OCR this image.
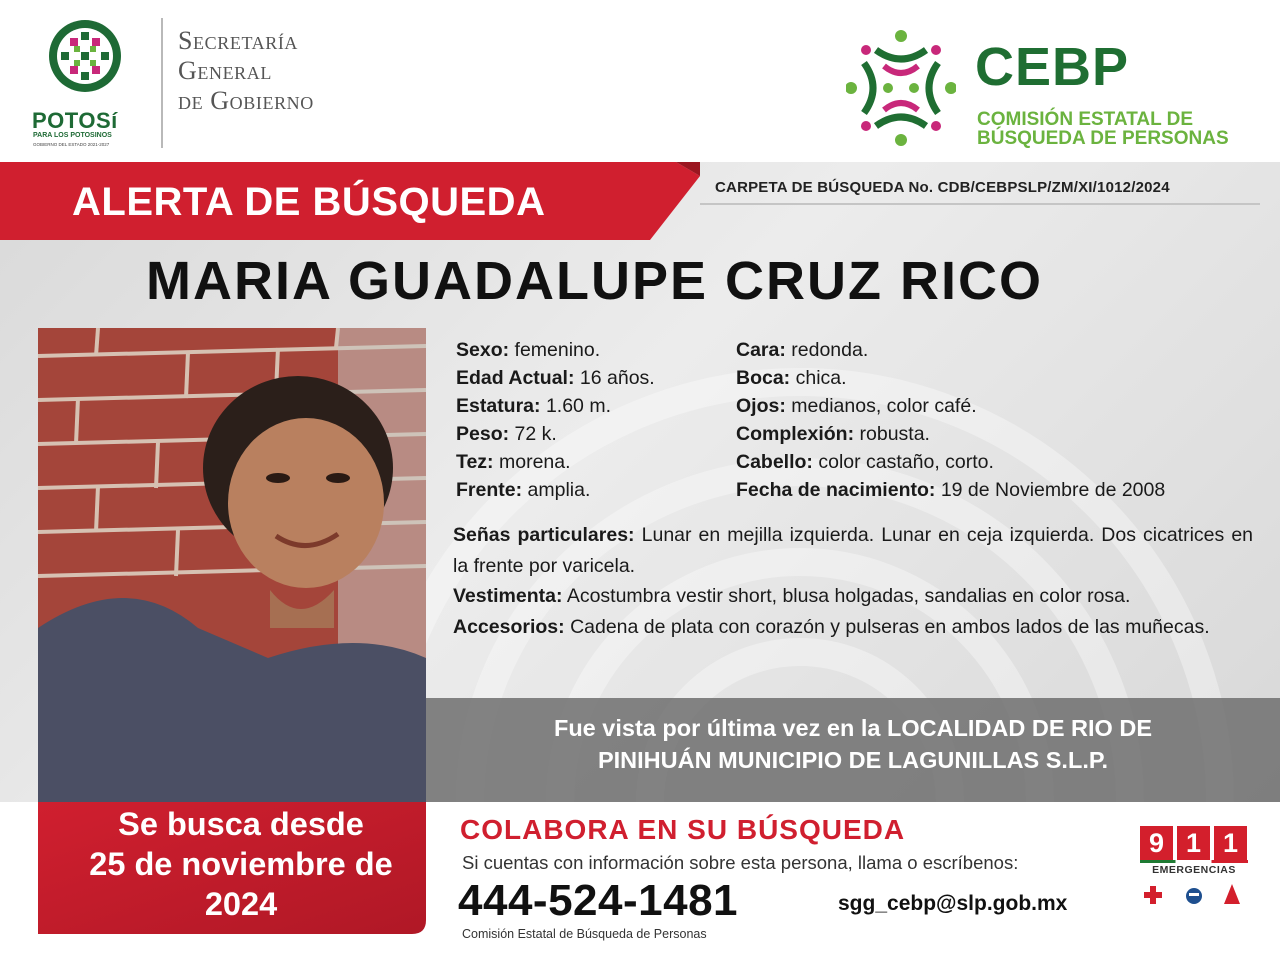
POTOSí
PARA LOS POTOSINOS
GOBIERNO DEL ESTADO 2021-2027
Secretaría
General
de Gobierno
CEBP
COMISIÓN ESTATAL DE
BÚSQUEDA DE PERSONAS
ALERTA DE BÚSQUEDA	CARPETA DE BÚSQUEDA No. CDB/CEBPSLP/ZM/XI/1012/2024
MARIA GUADALUPE CRUZ RICO
Sexo: femenino.
Edad Actual: 16 años.
Estatura: 1.60 m.
Peso: 72 k.
Tez: morena.
Frente: amplia.
Cara: redonda.
Boca: chica.
Ojos: medianos, color café.
Complexión: robusta.
Cabello: color castaño, corto.
Fecha de nacimiento: 19 de Noviembre de 2008

Señas particulares: Lunar en mejilla izquierda. Lunar en ceja izquierda. Dos cicatrices en la frente por varicela.

Vestimenta: Acostumbra vestir short, blusa holgadas, sandalias en color rosa.

Accesorios: Cadena de plata con corazón y pulseras en ambos lados de las muñecas.

Fue vista por última vez en la LOCALIDAD DE RIO DE
PINIHUÁN MUNICIPIO DE LAGUNILLAS S.L.P.
Se busca desde
25 de noviembre de
2024
COLABORA EN SU BÚSQUEDA
Si cuentas con información sobre esta persona, llama o escríbenos:
444-524-1481
Comisión Estatal de Búsqueda de Personas
sgg_cebp@slp.gob.mx
9 1 1
EMERGENCIAS
